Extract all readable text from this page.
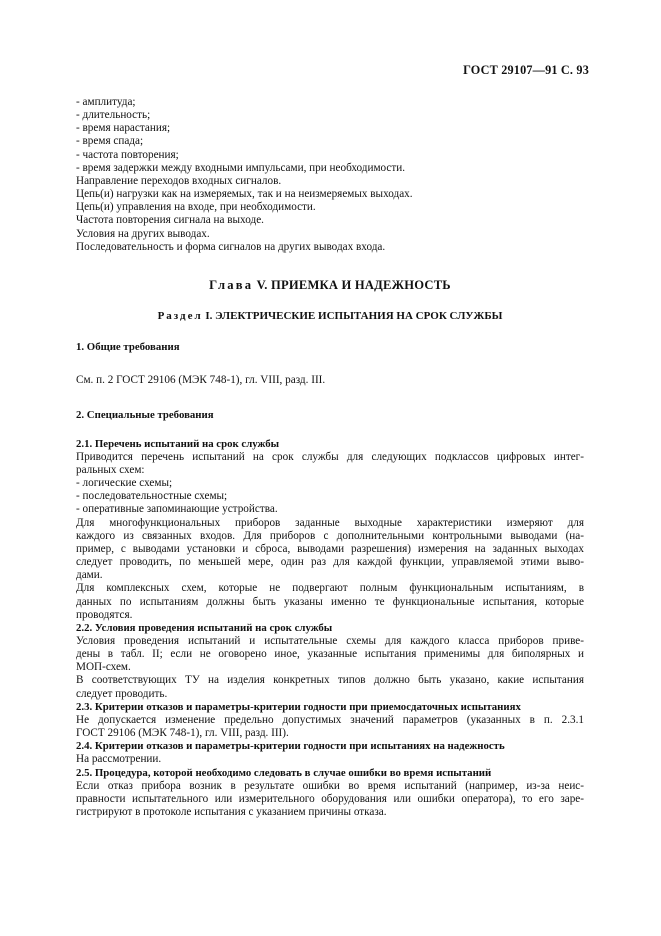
ГОСТ 29107—91 С. 93

- амплитуда;

- длительность;

- время нарастания;

- время спада;

- частота повторения;

- время задержки между входными импульсами, при необходимости.

Направление переходов входных сигналов.

Цепь(и) нагрузки как на измеряемых, так и на неизмеряемых выходах.

Цепь(и) управления на входе, при необходимости.

Частота повторения сигнала на выходе.

Условия на других выводах.

Последовательность и форма сигналов на других выводах входа.

Глава V. ПРИЕМКА И НАДЕЖНОСТЬ

Раздел I. ЭЛЕКТРИЧЕСКИЕ ИСПЫТАНИЯ НА СРОК СЛУЖБЫ

1. Общие требования

См. п. 2 ГОСТ 29106 (МЭК 748-1), гл. VIII, разд. III.

2. Специальные требования

2.1. Перечень испытаний на срок службы

Приводится перечень испытаний на срок службы для следующих подклассов цифровых интег-

ральных схем:

- логические схемы;

- последовательностные схемы;

- оперативные запоминающие устройства.

Для многофункциональных приборов заданные выходные характеристики измеряют для

каждого из связанных входов. Для приборов с дополнительными контрольными выводами (на-

пример, с выводами установки и сброса, выводами разрешения) измерения на заданных выходах

следует проводить, по меньшей мере, один раз для каждой функции, управляемой этими выво-

дами.

Для комплексных схем, которые не подвергают полным функциональным испытаниям, в

данных по испытаниям должны быть указаны именно те функциональные испытания, которые

проводятся.

2.2. Условия проведения испытаний на срок службы

Условия проведения испытаний и испытательные схемы для каждого класса приборов приве-

дены в табл. II; если не оговорено иное, указанные испытания применимы для биполярных и

МОП-схем.

В соответствующих ТУ на изделия конкретных типов должно быть указано, какие испытания

следует проводить.

2.3. Критерии отказов и параметры-критерии годности при приемосдаточных испытаниях

Не допускается изменение предельно допустимых значений параметров (указанных в п. 2.3.1

ГОСТ 29106 (МЭК 748-1), гл. VIII, разд. III).

2.4. Критерии отказов и параметры-критерии годности при испытаниях на надежность

На рассмотрении.

2.5. Процедура, которой необходимо следовать в случае ошибки во время испытаний

Если отказ прибора возник в результате ошибки во время испытаний (например, из-за неис-

правности испытательного или измерительного оборудования или ошибки оператора), то его заре-

гистрируют в протоколе испытания с указанием причины отказа.
